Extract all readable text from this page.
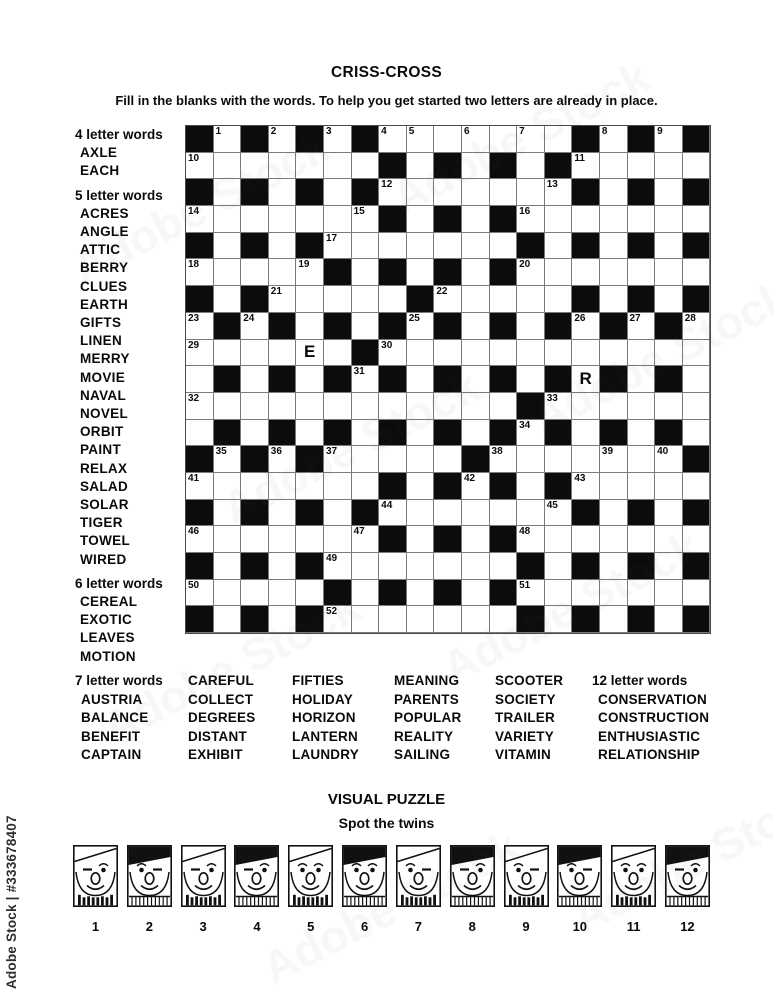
CRISS-CROSS
Fill in the blanks with the words. To help you get started two letters are already in place.
4 letter words
AXLE
EACH
5 letter words
ACRES
ANGLE
ATTIC
BERRY
CLUES
EARTH
GIFTS
LINEN
MERRY
MOVIE
NAVAL
NOVEL
ORBIT
PAINT
RELAX
SALAD
SOLAR
TIGER
TOWEL
WIRED
6 letter words
CEREAL
EXOTIC
LEAVES
MOTION
1	2	3	4 5	6	7	8	9
10	11
12	13
14	15	16
17
18	19	20
21	22
23	24	25	26	27	28
29	E	30
31	R
32	33
34
35	36	37	38	39	40
41	42	43
44	45
46	47	48
49
50	51
52
7 letter words
AUSTRIA
BALANCE
BENEFIT
CAPTAIN
CAREFUL
COLLECT
DEGREES
DISTANT
EXHIBIT
FIFTIES
HOLIDAY
HORIZON
LANTERN
LAUNDRY
MEANING
PARENTS
POPULAR
REALITY
SAILING
SCOOTER
SOCIETY
TRAILER
VARIETY
VITAMIN
12 letter words
CONSERVATION
CONSTRUCTION
ENTHUSIASTIC
RELATIONSHIP
VISUAL PUZZLE
Spot the twins
1	2	3	4	5	6	7	8	9	10	11	12
Adobe Stock | #333678407
